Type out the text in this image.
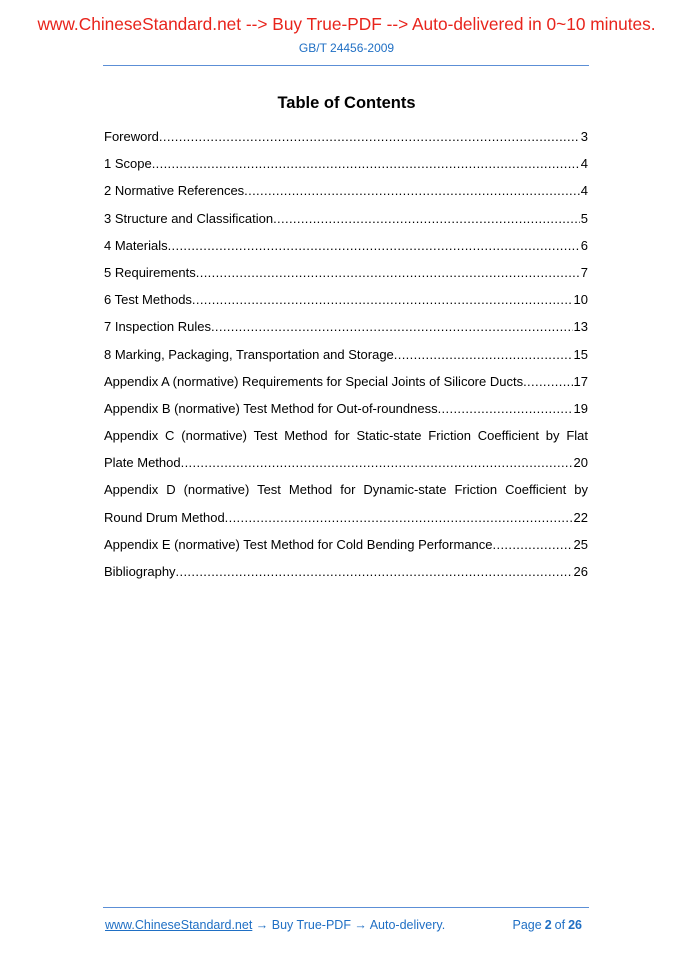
www.ChineseStandard.net --> Buy True-PDF --> Auto-delivered in 0~10 minutes.
GB/T 24456-2009
Table of Contents
Foreword .....	3
1 Scope .....	4
2 Normative References .....	4
3 Structure and Classification .....	5
4 Materials .....	6
5 Requirements .....	7
6 Test Methods .....	10
7 Inspection Rules .....	13
8 Marking, Packaging, Transportation and Storage .....	15
Appendix A (normative) Requirements for Special Joints of Silicore Ducts .....	17
Appendix B (normative) Test Method for Out-of-roundness .....	19
Appendix C (normative) Test Method for Static-state Friction Coefficient by Flat
Plate Method .....	20
Appendix D (normative) Test Method for Dynamic-state Friction Coefficient by
Round Drum Method .....	22
Appendix E (normative) Test Method for Cold Bending Performance .....	25
Bibliography .....	26
www.ChineseStandard.net → Buy True-PDF → Auto-delivery.	Page 2 of 26
